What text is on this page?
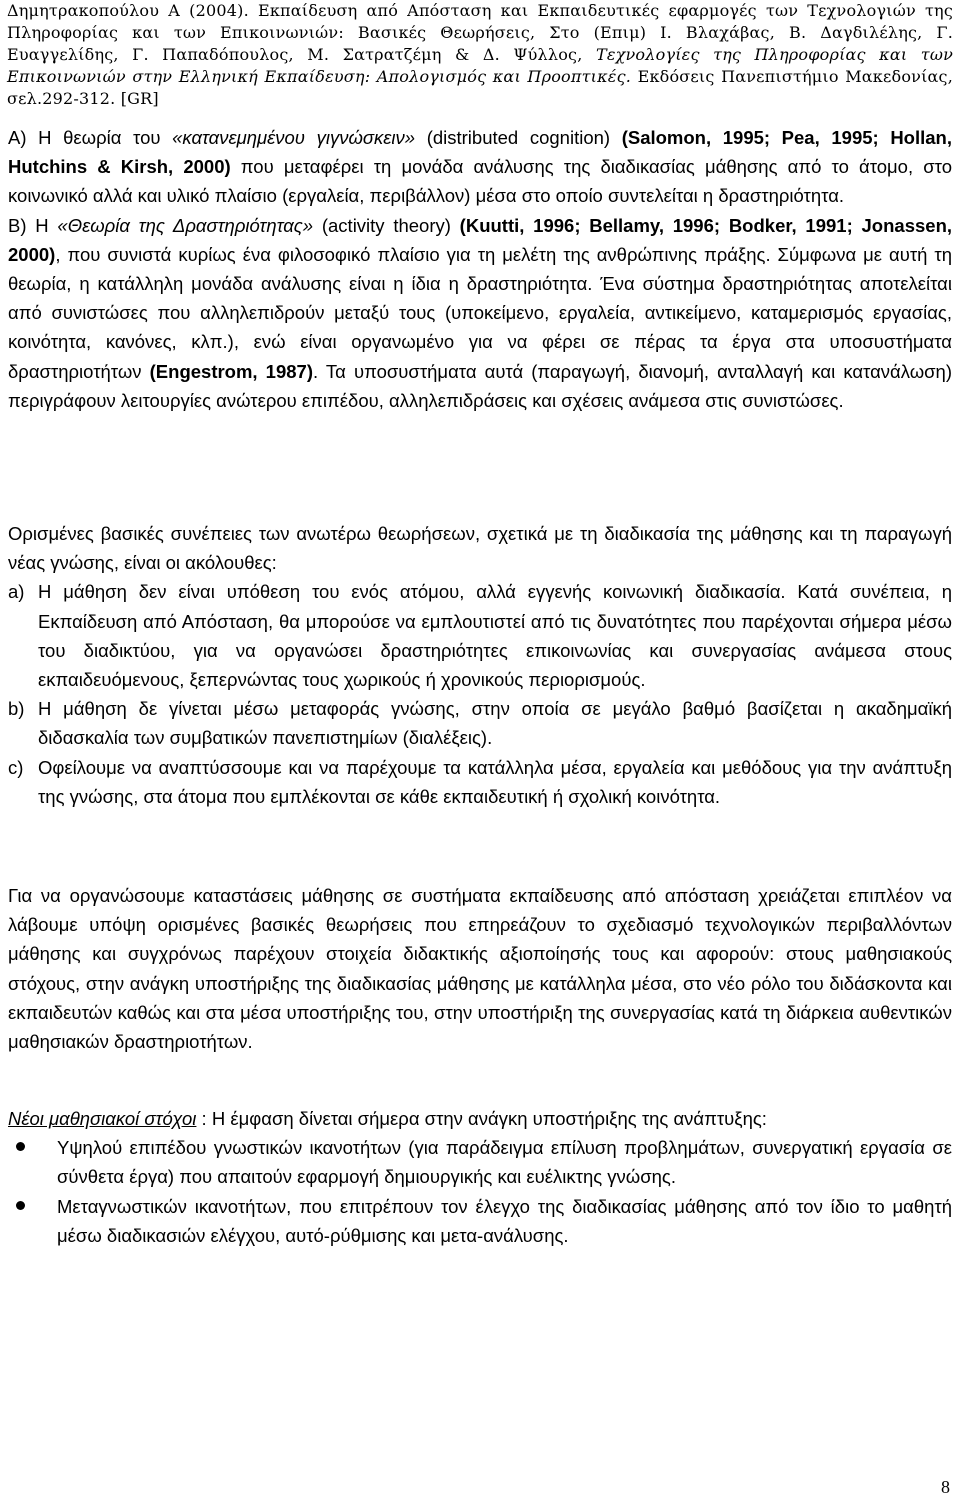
Δημητρακοπούλου Α (2004). Εκπαίδευση από Απόσταση και Εκπαιδευτικές εφαρμογές των Τεχνολογιών της Πληροφορίας και των Επικοινωνιών: Βασικές Θεωρήσεις, Στο (Επιμ) Ι. Βλαχάβας, Β. Δαγδιλέλης, Γ. Ευαγγελίδης, Γ. Παπαδόπουλος, Μ. Σατρατζέμη & Δ. Ψύλλος, Τεχνολογίες της Πληροφορίας και των Επικοινωνιών στην Ελληνική Εκπαίδευση: Απολογισμός και Προοπτικές. Εκδόσεις Πανεπιστήμιο Μακεδονίας, σελ.292-312. [GR]

Α) Η θεωρία του «κατανεμημένου γιγνώσκειν» (distributed cognition) (Salomon, 1995; Pea, 1995; Hollan, Hutchins & Kirsh, 2000) που μεταφέρει τη μονάδα ανάλυσης της διαδικασίας μάθησης από το άτομο, στο κοινωνικό αλλά και υλικό πλαίσιο (εργαλεία, περιβάλλον) μέσα στο οποίο συντελείται η δραστηριότητα.

Β) Η «Θεωρία της Δραστηριότητας» (activity theory) (Kuutti, 1996; Bellamy, 1996; Bodker, 1991; Jonassen, 2000), που συνιστά κυρίως ένα φιλοσοφικό πλαίσιο για τη μελέτη της ανθρώπινης πράξης. Σύμφωνα με αυτή τη θεωρία, η κατάλληλη μονάδα ανάλυσης είναι η ίδια η δραστηριότητα. Ένα σύστημα δραστηριότητας αποτελείται από συνιστώσες που αλληλεπιδρούν μεταξύ τους (υποκείμενο, εργαλεία, αντικείμενο, καταμερισμός εργασίας, κοινότητα, κανόνες, κλπ.), ενώ είναι οργανωμένο για να φέρει σε πέρας τα έργα στα υποσυστήματα δραστηριοτήτων (Engestrom, 1987). Τα υποσυστήματα αυτά (παραγωγή, διανομή, ανταλλαγή και κατανάλωση) περιγράφουν λειτουργίες ανώτερου επιπέδου, αλληλεπιδράσεις και σχέσεις ανάμεσα στις συνιστώσες.

Ορισμένες βασικές συνέπειες των ανωτέρω θεωρήσεων, σχετικά με τη διαδικασία της μάθησης και τη παραγωγή νέας γνώσης, είναι οι ακόλουθες:

a) Η μάθηση δεν είναι υπόθεση του ενός ατόμου, αλλά εγγενής κοινωνική διαδικασία. Κατά συνέπεια, η Εκπαίδευση από Απόσταση, θα μπορούσε να εμπλουτιστεί από τις δυνατότητες που παρέχονται σήμερα μέσω του διαδικτύου, για να οργανώσει δραστηριότητες επικοινωνίας και συνεργασίας ανάμεσα στους εκπαιδευόμενους, ξεπερνώντας τους χωρικούς ή χρονικούς περιορισμούς.
b) Η μάθηση δε γίνεται μέσω μεταφοράς γνώσης, στην οποία σε μεγάλο βαθμό βασίζεται η ακαδημαϊκή διδασκαλία των συμβατικών πανεπιστημίων (διαλέξεις).
c) Οφείλουμε να αναπτύσσουμε και να παρέχουμε τα κατάλληλα μέσα, εργαλεία και μεθόδους για την ανάπτυξη της γνώσης, στα άτομα που εμπλέκονται σε κάθε εκπαιδευτική ή σχολική κοινότητα.

Για να οργανώσουμε καταστάσεις μάθησης σε συστήματα εκπαίδευσης από απόσταση χρειάζεται επιπλέον να λάβουμε υπόψη ορισμένες βασικές θεωρήσεις που επηρεάζουν το σχεδιασμό τεχνολογικών περιβαλλόντων μάθησης και συγχρόνως παρέχουν στοιχεία διδακτικής αξιοποίησής τους και αφορούν: στους μαθησιακούς στόχους, στην ανάγκη υποστήριξης της διαδικασίας μάθησης με κατάλληλα μέσα, στο νέο ρόλο του διδάσκοντα και εκπαιδευτών καθώς και στα μέσα υποστήριξης του, στην υποστήριξη της συνεργασίας κατά τη διάρκεια αυθεντικών μαθησιακών δραστηριοτήτων.

Νέοι μαθησιακοί στόχοι : Η έμφαση δίνεται σήμερα στην ανάγκη υποστήριξης της ανάπτυξης:

Υψηλού επιπέδου γνωστικών ικανοτήτων (για παράδειγμα επίλυση προβλημάτων, συνεργατική εργασία σε σύνθετα έργα) που απαιτούν εφαρμογή δημιουργικής και ευέλικτης γνώσης.
Μεταγνωστικών ικανοτήτων, που επιτρέπουν τον έλεγχο της διαδικασίας μάθησης από τον ίδιο το μαθητή μέσω διαδικασιών ελέγχου, αυτό-ρύθμισης και μετα-ανάλυσης.
8
